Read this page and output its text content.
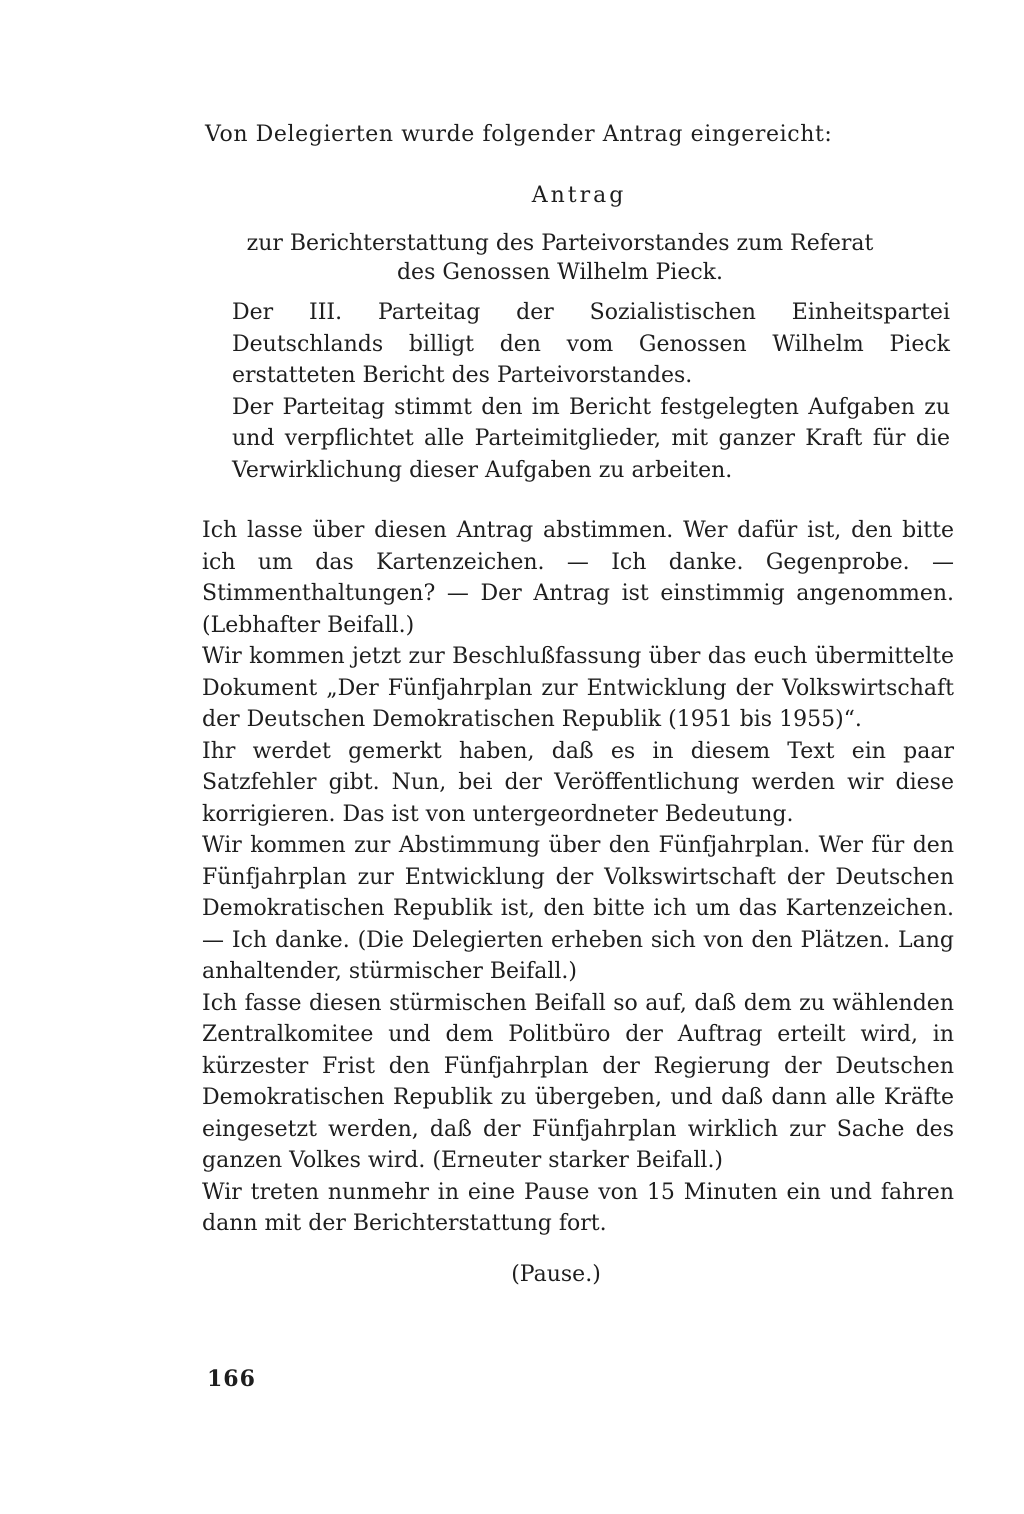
Von Delegierten wurde folgender Antrag eingereicht:

Antrag

zur Berichterstattung des Parteivorstandes zum Referat
des Genossen Wilhelm Pieck.

Der III. Parteitag der Sozialistischen Einheitspartei Deutschlands billigt den vom Genossen Wilhelm Pieck erstatteten Bericht des Parteivorstandes.

Der Parteitag stimmt den im Bericht festgelegten Aufgaben zu und verpflichtet alle Parteimitglieder, mit ganzer Kraft für die Verwirklichung dieser Aufgaben zu arbeiten.

Ich lasse über diesen Antrag abstimmen. Wer dafür ist, den bitte ich um das Kartenzeichen. — Ich danke. Gegenprobe. — Stimmenthaltungen? — Der Antrag ist einstimmig angenommen. (Lebhafter Beifall.)

Wir kommen jetzt zur Beschlußfassung über das euch übermittelte Dokument „Der Fünfjahrplan zur Entwicklung der Volkswirtschaft der Deutschen Demokratischen Republik (1951 bis 1955)“.

Ihr werdet gemerkt haben, daß es in diesem Text ein paar Satzfehler gibt. Nun, bei der Veröffentlichung werden wir diese korrigieren. Das ist von untergeordneter Bedeutung.

Wir kommen zur Abstimmung über den Fünfjahrplan. Wer für den Fünfjahrplan zur Entwicklung der Volkswirtschaft der Deutschen Demokratischen Republik ist, den bitte ich um das Kartenzeichen. — Ich danke. (Die Delegierten erheben sich von den Plätzen. Lang anhaltender, stürmischer Beifall.)

Ich fasse diesen stürmischen Beifall so auf, daß dem zu wählenden Zentralkomitee und dem Politbüro der Auftrag erteilt wird, in kürzester Frist den Fünfjahrplan der Regierung der Deutschen Demokratischen Republik zu übergeben, und daß dann alle Kräfte eingesetzt werden, daß der Fünfjahrplan wirklich zur Sache des ganzen Volkes wird. (Erneuter starker Beifall.)

Wir treten nunmehr in eine Pause von 15 Minuten ein und fahren dann mit der Berichterstattung fort.

(Pause.)

166
